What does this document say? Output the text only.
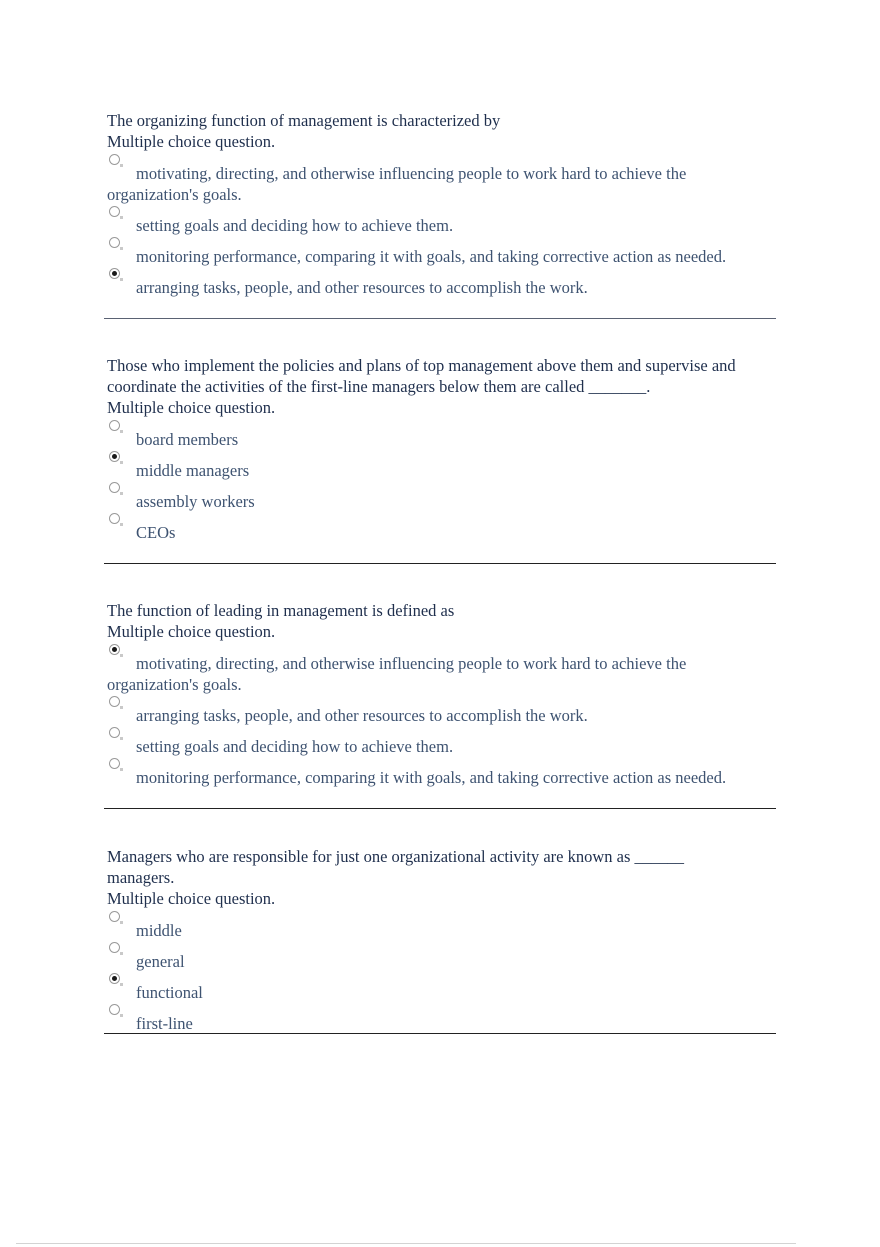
The organizing function of management is characterized by

Multiple choice question.

motivating, directing, and otherwise influencing people to work hard to achieve the organization's goals.
setting goals and deciding how to achieve them.
monitoring performance, comparing it with goals, and taking corrective action as needed.
arranging tasks, people, and other resources to accomplish the work.

Those who implement the policies and plans of top management above them and supervise and coordinate the activities of the first-line managers below them are called _______.

Multiple choice question.

board members
middle managers
assembly workers
CEOs

The function of leading in management is defined as

Multiple choice question.

motivating, directing, and otherwise influencing people to work hard to achieve the organization's goals.
arranging tasks, people, and other resources to accomplish the work.
setting goals and deciding how to achieve them.
monitoring performance, comparing it with goals, and taking corrective action as needed.

Managers who are responsible for just one organizational activity are known as ______ managers.

Multiple choice question.

middle
general
functional
first-line
